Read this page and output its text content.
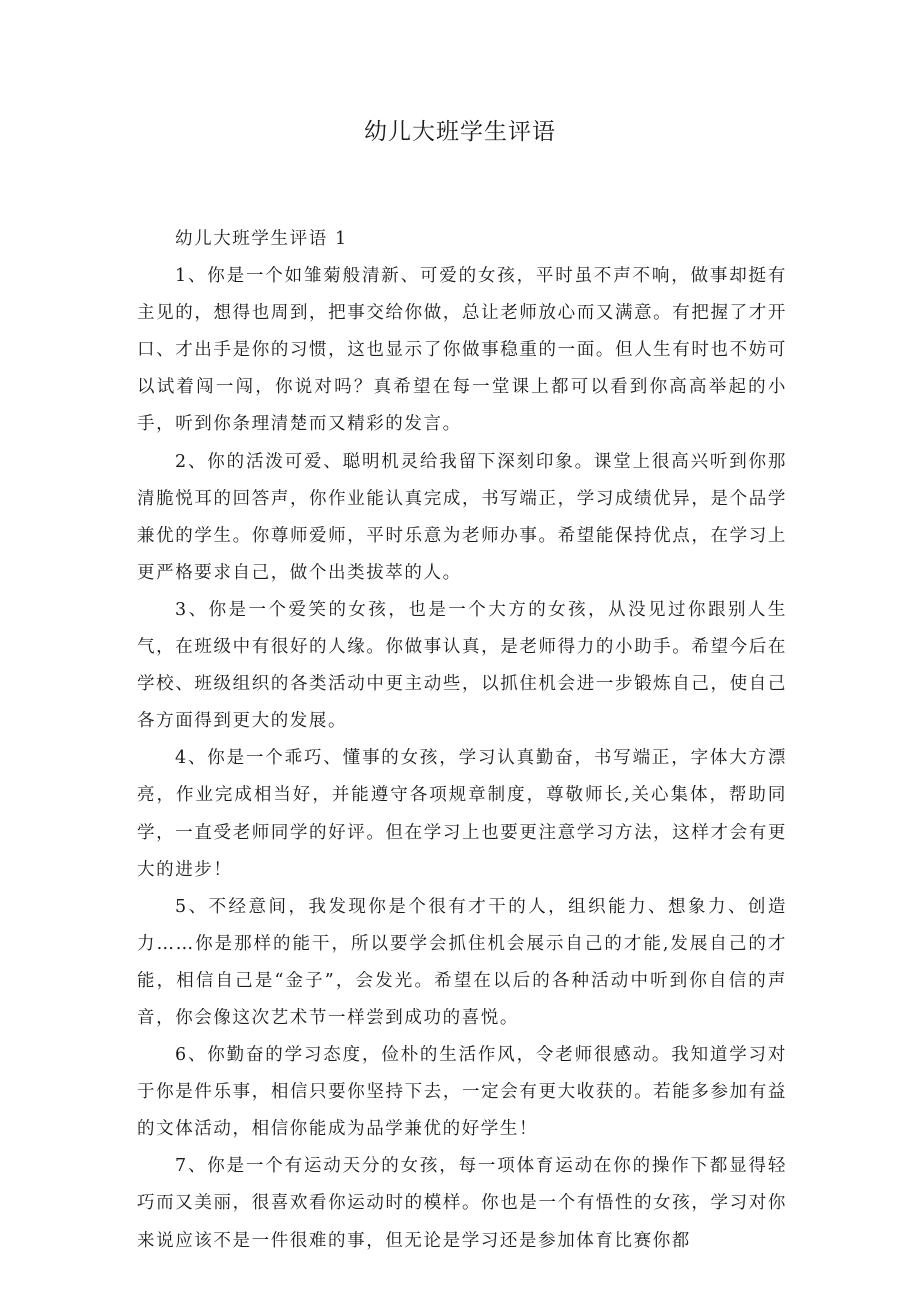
幼儿大班学生评语

幼儿大班学生评语 1

1、你是一个如雏菊般清新、可爱的女孩，平时虽不声不响，做事却挺有主见的，想得也周到，把事交给你做，总让老师放心而又满意。有把握了才开口、才出手是你的习惯，这也显示了你做事稳重的一面。但人生有时也不妨可以试着闯一闯，你说对吗？真希望在每一堂课上都可以看到你高高举起的小手，听到你条理清楚而又精彩的发言。

2、你的活泼可爱、聪明机灵给我留下深刻印象。课堂上很高兴听到你那清脆悦耳的回答声，你作业能认真完成，书写端正，学习成绩优异，是个品学兼优的学生。你尊师爱师，平时乐意为老师办事。希望能保持优点，在学习上更严格要求自己，做个出类拔萃的人。

3、你是一个爱笑的女孩，也是一个大方的女孩，从没见过你跟别人生气，在班级中有很好的人缘。你做事认真，是老师得力的小助手。希望今后在学校、班级组织的各类活动中更主动些，以抓住机会进一步锻炼自己，使自己各方面得到更大的发展。

4、你是一个乖巧、懂事的女孩，学习认真勤奋，书写端正，字体大方漂亮，作业完成相当好，并能遵守各项规章制度，尊敬师长,关心集体，帮助同学，一直受老师同学的好评。但在学习上也要更注意学习方法，这样才会有更大的进步！

5、不经意间，我发现你是个很有才干的人，组织能力、想象力、创造力……你是那样的能干，所以要学会抓住机会展示自己的才能,发展自己的才能，相信自己是“金子”，会发光。希望在以后的各种活动中听到你自信的声音，你会像这次艺术节一样尝到成功的喜悦。

6、你勤奋的学习态度，俭朴的生活作风，令老师很感动。我知道学习对于你是件乐事，相信只要你坚持下去，一定会有更大收获的。若能多参加有益的文体活动，相信你能成为品学兼优的好学生！

7、你是一个有运动天分的女孩，每一项体育运动在你的操作下都显得轻巧而又美丽，很喜欢看你运动时的模样。你也是一个有悟性的女孩，学习对你来说应该不是一件很难的事，但无论是学习还是参加体育比赛你都
